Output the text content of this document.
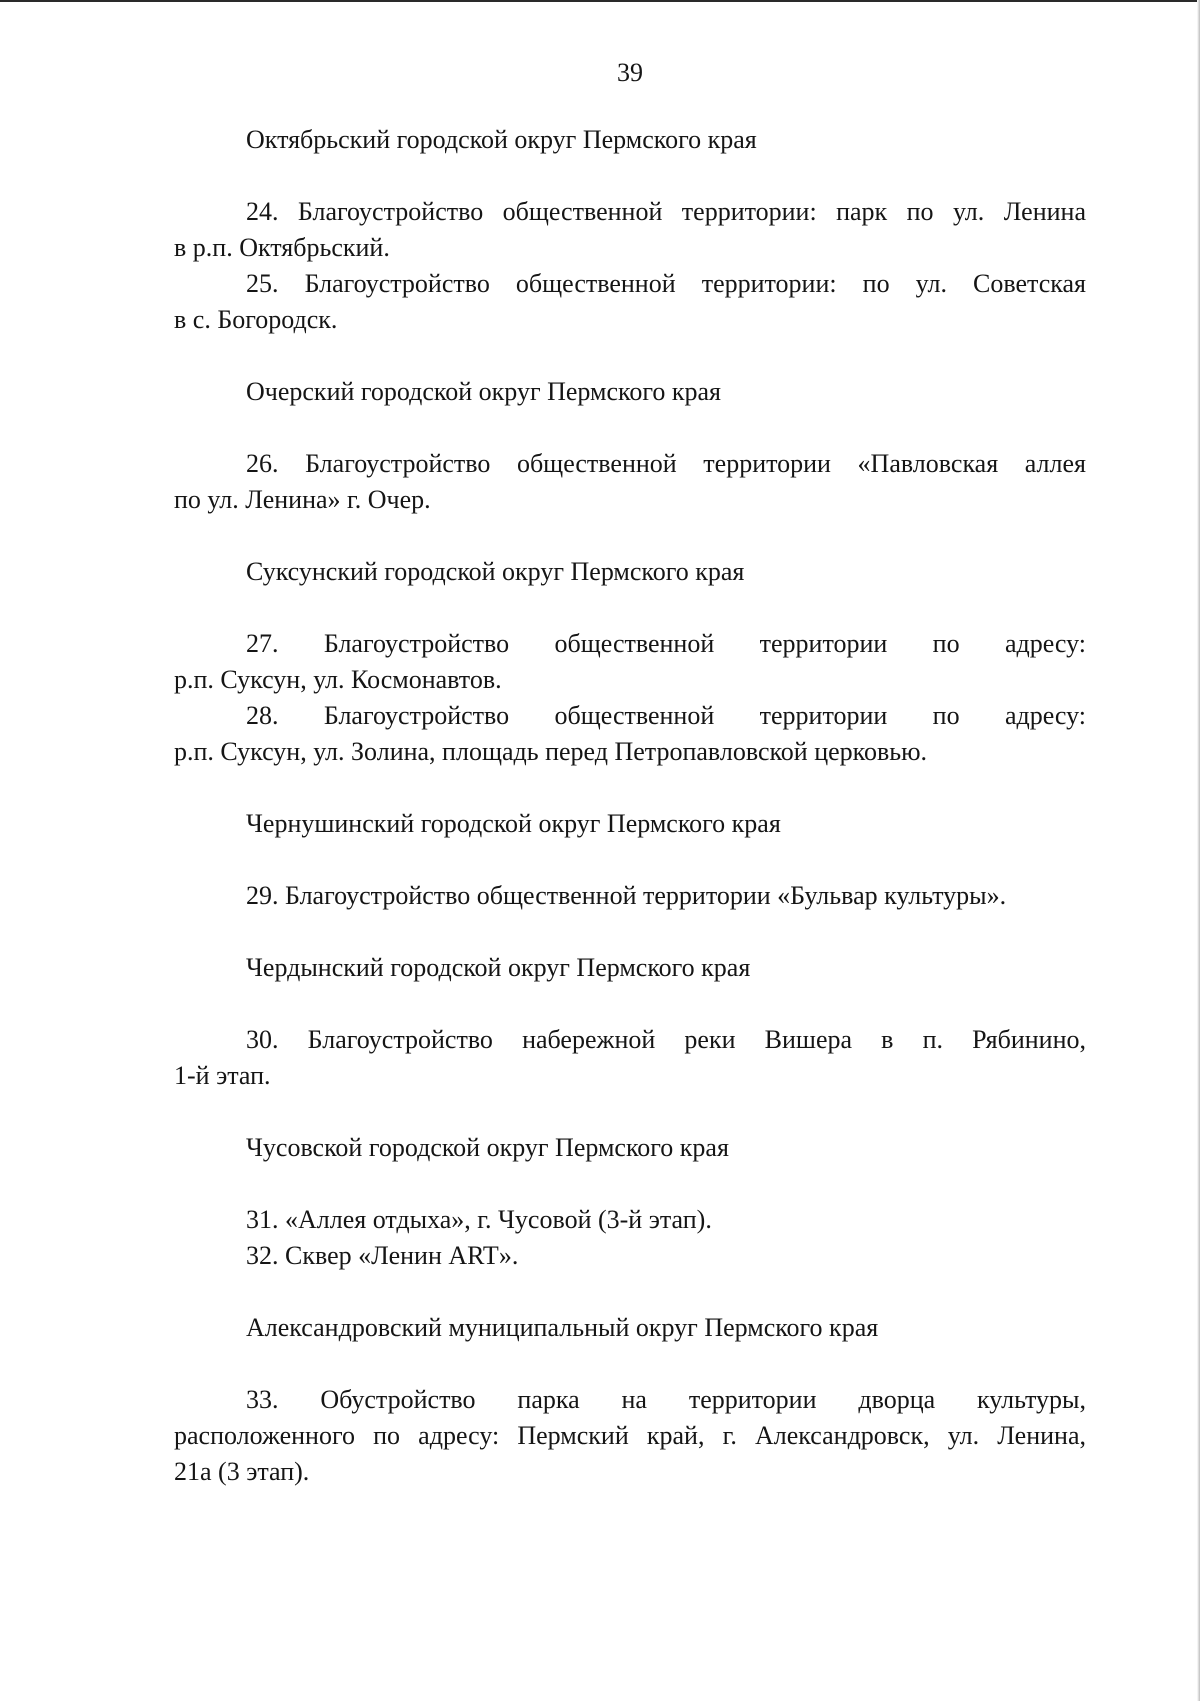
39
Октябрьский городской округ Пермского края
24. Благоустройство общественной территории: парк по ул. Ленина
в р.п. Октябрьский.
25. Благоустройство общественной территории: по ул. Советская
в с. Богородск.
Очерский городской округ Пермского края
26. Благоустройство общественной территории «Павловская аллея
по ул. Ленина» г. Очер.
Суксунский городской округ Пермского края
27. Благоустройство общественной территории по адресу:
р.п. Суксун, ул. Космонавтов.
28. Благоустройство общественной территории по адресу:
р.п. Суксун, ул. Золина, площадь перед Петропавловской церковью.
Чернушинский городской округ Пермского края
29. Благоустройство общественной территории «Бульвар культуры».
Чердынский городской округ Пермского края
30. Благоустройство набережной реки Вишера в п. Рябинино,
1-й этап.
Чусовской городской округ Пермского края
31. «Аллея отдыха», г. Чусовой (3-й этап).
32. Сквер «Ленин ART».
Александровский муниципальный округ Пермского края
33. Обустройство парка на территории дворца культуры,
расположенного по адресу: Пермский край, г. Александровск, ул. Ленина,
21а (3 этап).
